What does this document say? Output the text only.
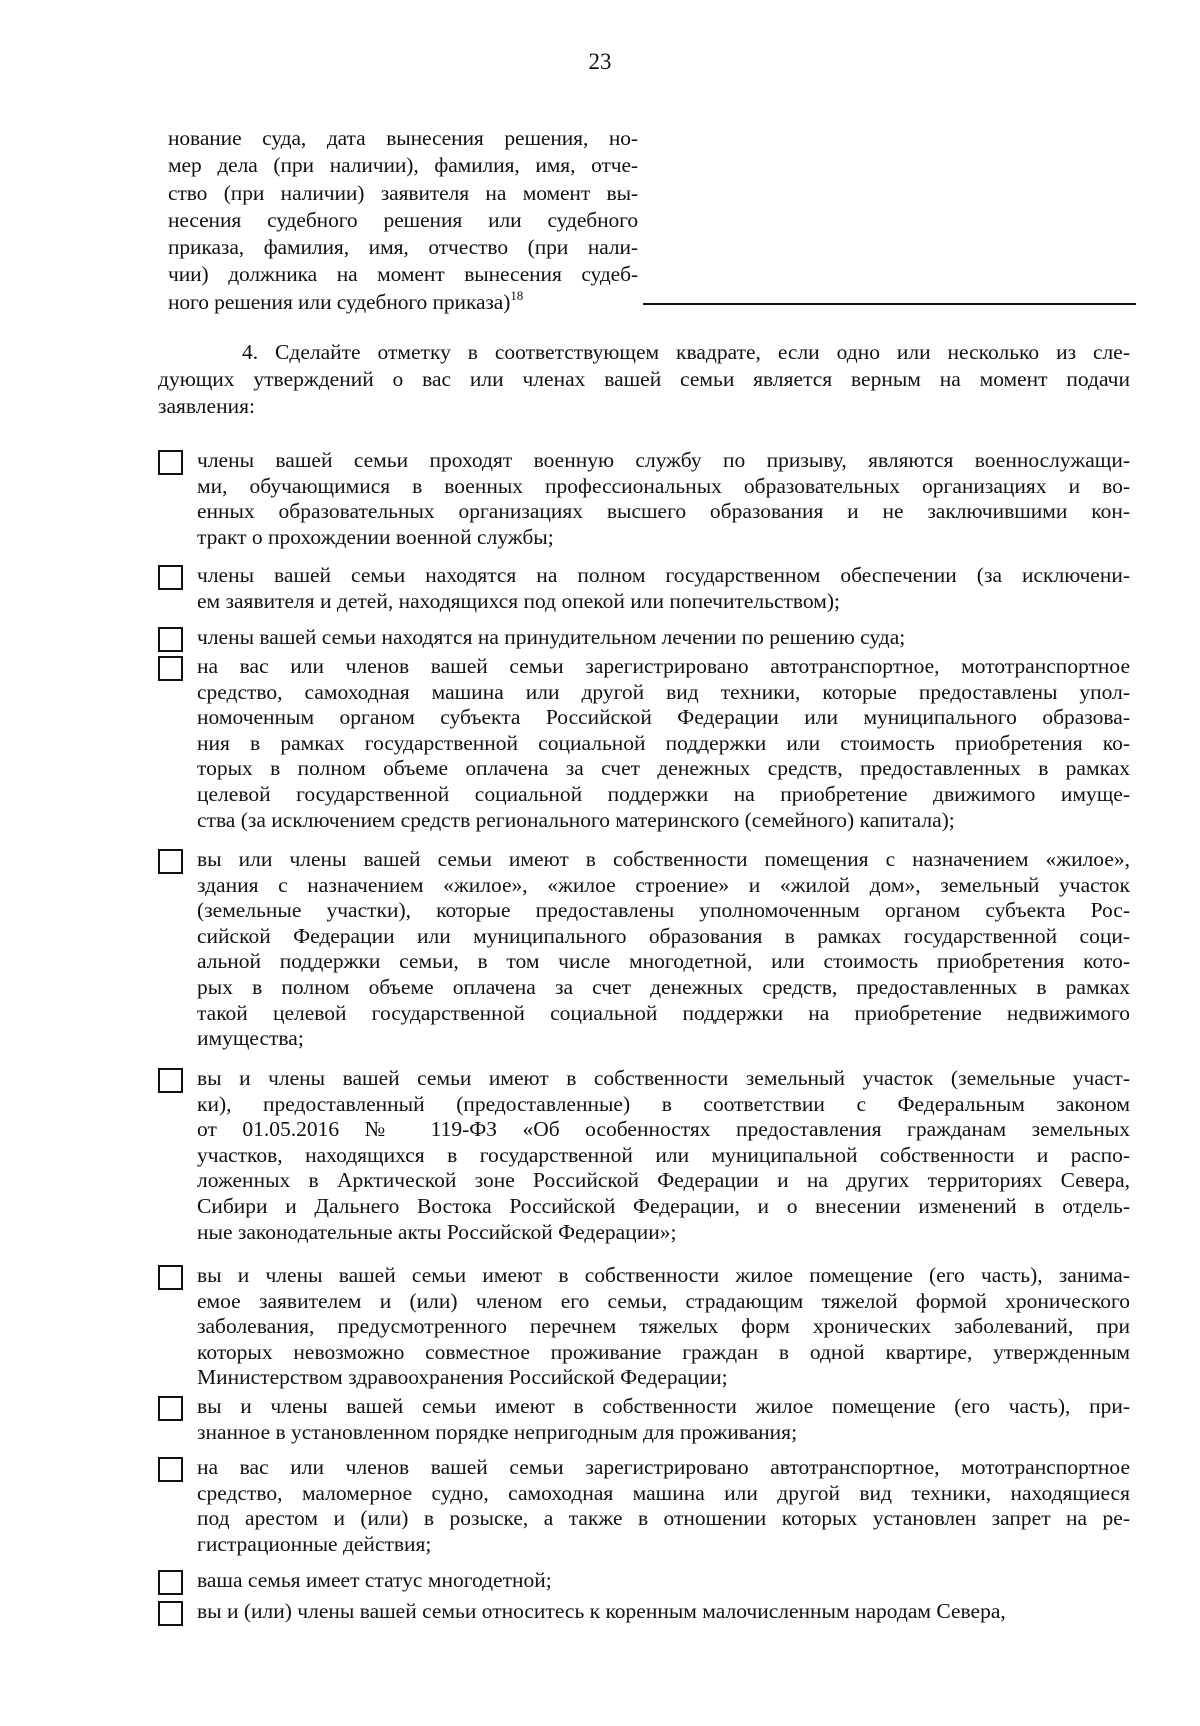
23
нование суда, дата вынесения решения, но-
мер дела (при наличии), фамилия, имя, отче-
ство (при наличии) заявителя на момент вы-
несения судебного решения или судебного
приказа, фамилия, имя, отчество (при нали-
чии) должника на момент вынесения судеб-
ного решения или судебного приказа)$^{18}$
4. Сделайте отметку в соответствующем квадрате, если одно или несколько из сле-
дующих утверждений о вас или членах вашей семьи является верным на момент подачи
заявления:
члены вашей семьи проходят военную службу по призыву, являются военнослужащи-
ми, обучающимися в военных профессиональных образовательных организациях и во-
енных образовательных организациях высшего образования и не заключившими кон-
тракт о прохождении военной службы;
члены вашей семьи находятся на полном государственном обеспечении (за исключени-
ем заявителя и детей, находящихся под опекой или попечительством);
члены вашей семьи находятся на принудительном лечении по решению суда;
на вас или членов вашей семьи зарегистрировано автотранспортное, мототранспортное
средство, самоходная машина или другой вид техники, которые предоставлены упол-
номоченным органом субъекта Российской Федерации или муниципального образова-
ния в рамках государственной социальной поддержки или стоимость приобретения ко-
торых в полном объеме оплачена за счет денежных средств, предоставленных в рамках
целевой государственной социальной поддержки на приобретение движимого имуще-
ства (за исключением средств регионального материнского (семейного) капитала);
вы или члены вашей семьи имеют в собственности помещения с назначением «жилое»,
здания с назначением «жилое», «жилое строение» и «жилой дом», земельный участок
(земельные участки), которые предоставлены уполномоченным органом субъекта Рос-
сийской Федерации или муниципального образования в рамках государственной соци-
альной поддержки семьи, в том числе многодетной, или стоимость приобретения кото-
рых в полном объеме оплачена за счет денежных средств, предоставленных в рамках
такой целевой государственной социальной поддержки на приобретение недвижимого
имущества;
вы и члены вашей семьи имеют в собственности земельный участок (земельные участ-
ки), предоставленный (предоставленные) в соответствии с Федеральным законом
от 01.05.2016 № 119-ФЗ «Об особенностях предоставления гражданам земельных
участков, находящихся в государственной или муниципальной собственности и распо-
ложенных в Арктической зоне Российской Федерации и на других территориях Севера,
Сибири и Дальнего Востока Российской Федерации, и о внесении изменений в отдель-
ные законодательные акты Российской Федерации»;
вы и члены вашей семьи имеют в собственности жилое помещение (его часть), занима-
емое заявителем и (или) членом его семьи, страдающим тяжелой формой хронического
заболевания, предусмотренного перечнем тяжелых форм хронических заболеваний, при
которых невозможно совместное проживание граждан в одной квартире, утвержденным
Министерством здравоохранения Российской Федерации;
вы и члены вашей семьи имеют в собственности жилое помещение (его часть), при-
знанное в установленном порядке непригодным для проживания;
на вас или членов вашей семьи зарегистрировано автотранспортное, мототранспортное
средство, маломерное судно, самоходная машина или другой вид техники, находящиеся
под арестом и (или) в розыске, а также в отношении которых установлен запрет на ре-
гистрационные действия;
ваша семья имеет статус многодетной;
вы и (или) члены вашей семьи относитесь к коренным малочисленным народам Севера,
